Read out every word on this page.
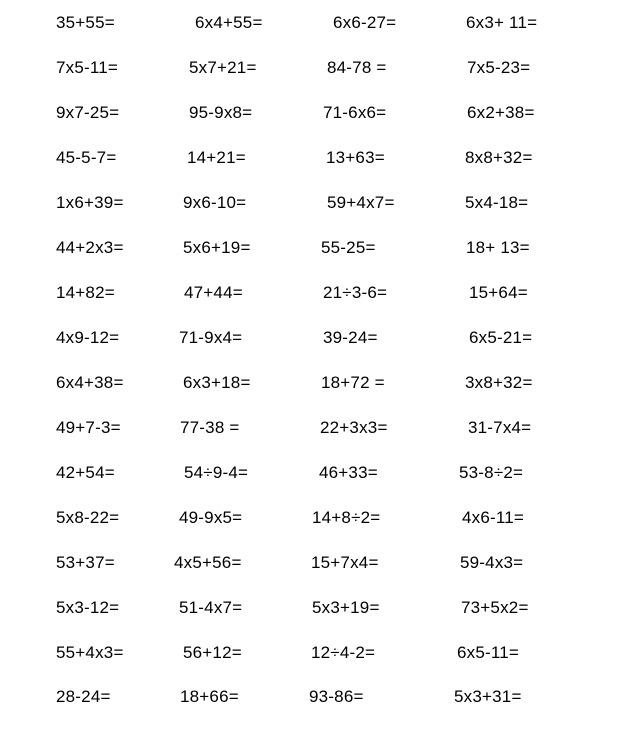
35+55=	6x4+55=	6x6-27=	6x3+ 11=
7x5-11=	5x7+21=	84-78 =	7x5-23=
9x7-25=	95-9x8=	71-6x6=	6x2+38=
45-5-7=	14+21=	13+63=	8x8+32=
1x6+39=	9x6-10=	59+4x7=	5x4-18=
44+2x3=	5x6+19=	55-25=	18+ 13=
14+82=	47+44=	21÷3-6=	15+64=
4x9-12=	71-9x4=	39-24=	6x5-21=
6x4+38=	6x3+18=	18+72 =	3x8+32=
49+7-3=	77-38 =	22+3x3=	31-7x4=
42+54=	54÷9-4=	46+33=	53-8÷2=
5x8-22=	49-9x5=	14+8÷2=	4x6-11=
53+37=	4x5+56=	15+7x4=	59-4x3=
5x3-12=	51-4x7=	5x3+19=	73+5x2=
55+4x3=	56+12=	12÷4-2=	6x5-11=
28-24=	18+66=	93-86=	5x3+31=
